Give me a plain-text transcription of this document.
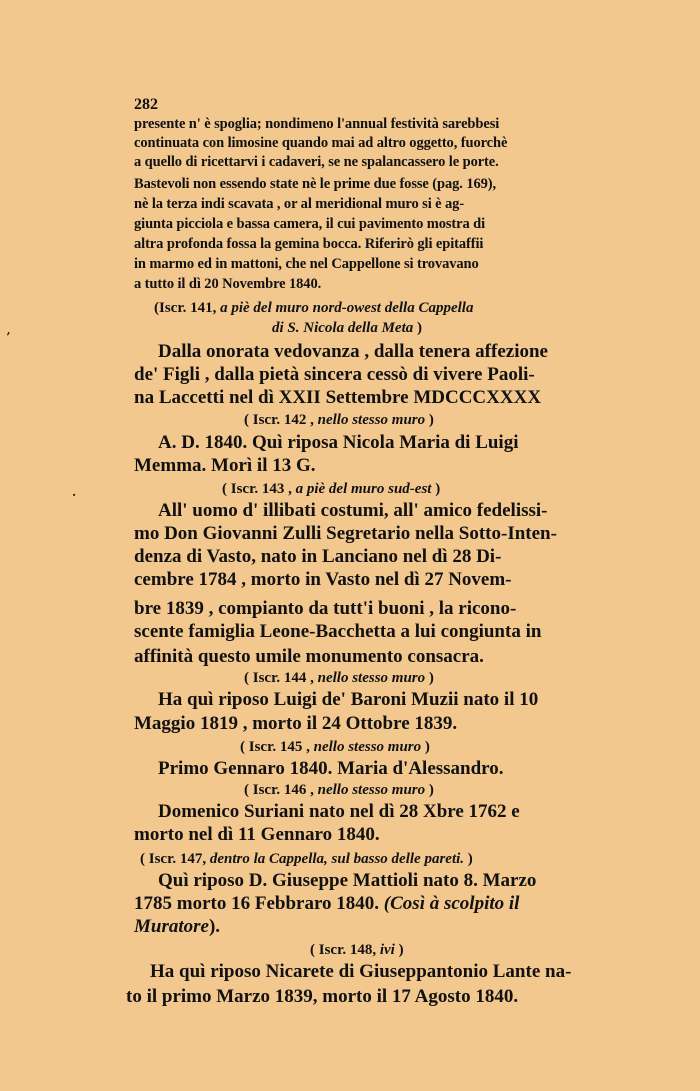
282
presente n' è spoglia; nondimeno l'annual festività sarebbesi
continuata con limosine quando mai ad altro oggetto, fuorchè
a quello di ricettarvi i cadaveri, se ne spalancassero le porte.
Bastevoli non essendo state nè le prime due fosse (pag. 169),
nè la terza indi scavata , or al meridional muro si è ag-
giunta picciola e bassa camera, il cui pavimento mostra di
altra profonda fossa la gemina bocca. Riferirò gli epitaffii
in marmo ed in mattoni, che nel Cappellone si trovavano
a tutto il dì 20 Novembre 1840.
(Iscr. 141, a piè del muro nord-owest della Cappella
di S. Nicola della Meta )
Dalla onorata vedovanza , dalla tenera affezione
de' Figli , dalla pietà sincera cessò di vivere Paoli-
na Laccetti nel dì XXII Settembre MDCCCXXXX
( Iscr. 142 , nello stesso muro )
A. D. 1840. Quì riposa Nicola Maria di Luigi
Memma. Morì il 13 G.
( Iscr. 143 , a piè del muro sud-est )
All' uomo d' illibati costumi, all' amico fedelissi-
mo Don Giovanni Zulli Segretario nella Sotto-Inten-
denza di Vasto, nato in Lanciano nel dì 28 Di-
cembre 1784 , morto in Vasto nel dì 27 Novem-
bre 1839 , compianto da tutt'i buoni , la ricono-
scente famiglia Leone-Bacchetta a lui congiunta in
affinità questo umile monumento consacra.
( Iscr. 144 , nello stesso muro )
Ha quì riposo Luigi de' Baroni Muzii nato il 10
Maggio 1819 , morto il 24 Ottobre 1839.
( Iscr. 145 , nello stesso muro )
Primo Gennaro 1840. Maria d'Alessandro.
( Iscr. 146 , nello stesso muro )
Domenico Suriani nato nel dì 28 Xbre 1762 e
morto nel dì 11 Gennaro 1840.
( Iscr. 147, dentro la Cappella, sul basso delle pareti. )
Quì riposo D. Giuseppe Mattioli nato 8. Marzo
1785 morto 16 Febbraro 1840. (Così à scolpito il
Muratore).
( Iscr. 148, ivi )
Ha quì riposo Nicarete di Giuseppantonio Lante na-
to il primo Marzo 1839, morto il 17 Agosto 1840.
ʼ
·
